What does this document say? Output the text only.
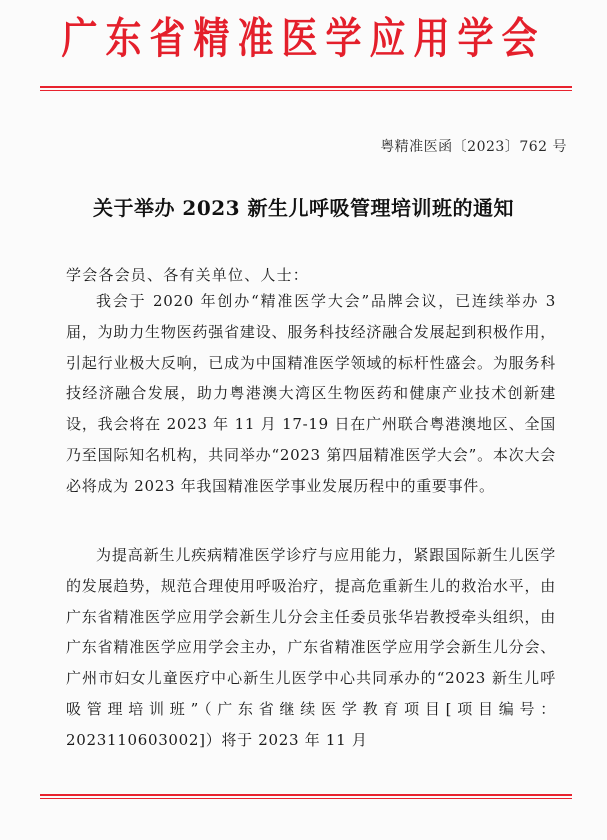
广东省精准医学应用学会
粤精准医函〔2023〕762 号
关于举办 2023 新生儿呼吸管理培训班的通知
学会各会员、各有关单位、人士：

我会于 2020 年创办“精准医学大会”品牌会议，已连续举办 3 届，为助力生物医药强省建设、服务科技经济融合发展起到积极作用，引起行业极大反响，已成为中国精准医学领域的标杆性盛会。为服务科技经济融合发展，助力粤港澳大湾区生物医药和健康产业技术创新建设，我会将在 2023 年 11 月 17-19 日在广州联合粤港澳地区、全国乃至国际知名机构，共同举办“2023 第四届精准医学大会”。本次大会必将成为 2023 年我国精准医学事业发展历程中的重要事件。

为提高新生儿疾病精准医学诊疗与应用能力，紧跟国际新生儿医学的发展趋势，规范合理使用呼吸治疗，提高危重新生儿的救治水平，由广东省精准医学应用学会新生儿分会主任委员张华岩教授牵头组织，由广东省精准医学应用学会主办，广东省精准医学应用学会新生儿分会、广州市妇女儿童医疗中心新生儿医学中心共同承办的“2023 新生儿呼吸管理培训班”（广东省继续医学教育项目[项目编号：2023110603002]）将于 2023 年 11 月
